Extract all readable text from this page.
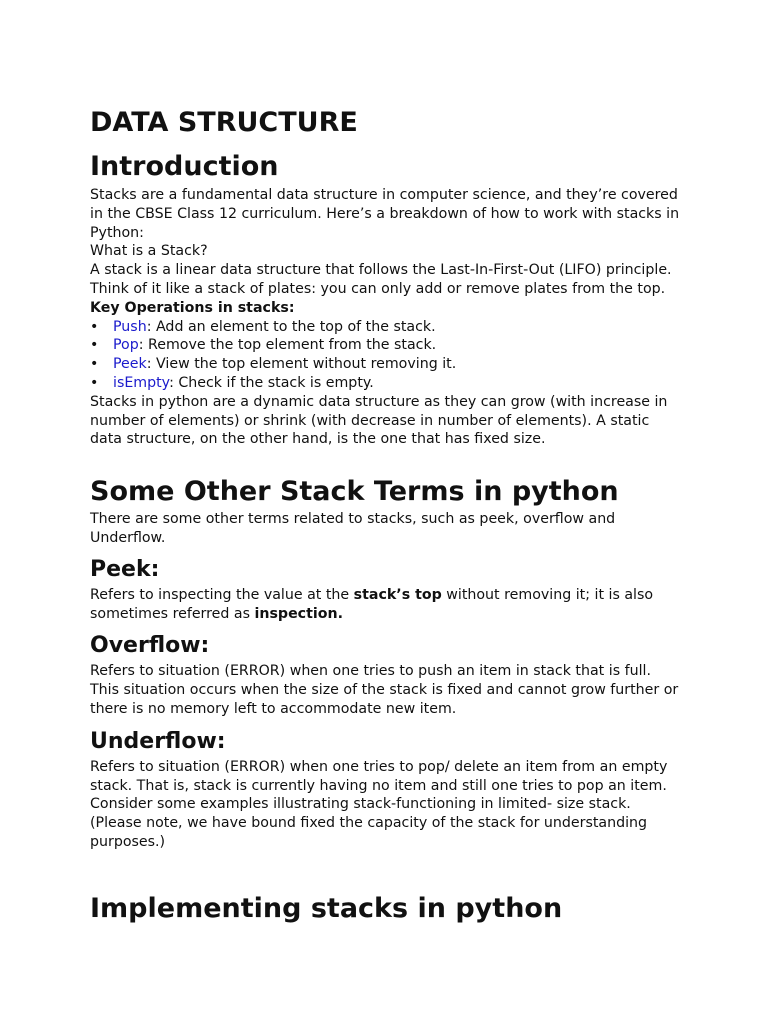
DATA STRUCTURE
Introduction

Stacks are a fundamental data structure in computer science, and they’re covered in the CBSE Class 12 curriculum. Here’s a breakdown of how to work with stacks in Python:

What is a Stack?

A stack is a linear data structure that follows the Last-In-First-Out (LIFO) principle. Think of it like a stack of plates: you can only add or remove plates from the top.

Key Operations in stacks:

• Push: Add an element to the top of the stack.
• Pop: Remove the top element from the stack.
• Peek: View the top element without removing it.
• isEmpty: Check if the stack is empty.

Stacks in python are a dynamic data structure as they can grow (with increase in number of elements) or shrink (with decrease in number of elements). A static data structure, on the other hand, is the one that has fixed size.

Some Other Stack Terms in python

There are some other terms related to stacks, such as peek, overflow and Underflow.

Peek:

Refers to inspecting the value at the stack’s top without removing it; it is also sometimes referred as inspection.

Overflow:

Refers to situation (ERROR) when one tries to push an item in stack that is full. This situation occurs when the size of the stack is fixed and cannot grow further or there is no memory left to accommodate new item.

Underflow:

Refers to situation (ERROR) when one tries to pop/ delete an item from an empty stack. That is, stack is currently having no item and still one tries to pop an item. Consider some examples illustrating stack-functioning in limited- size stack. (Please note, we have bound fixed the capacity of the stack for understanding purposes.)

Implementing stacks in python
